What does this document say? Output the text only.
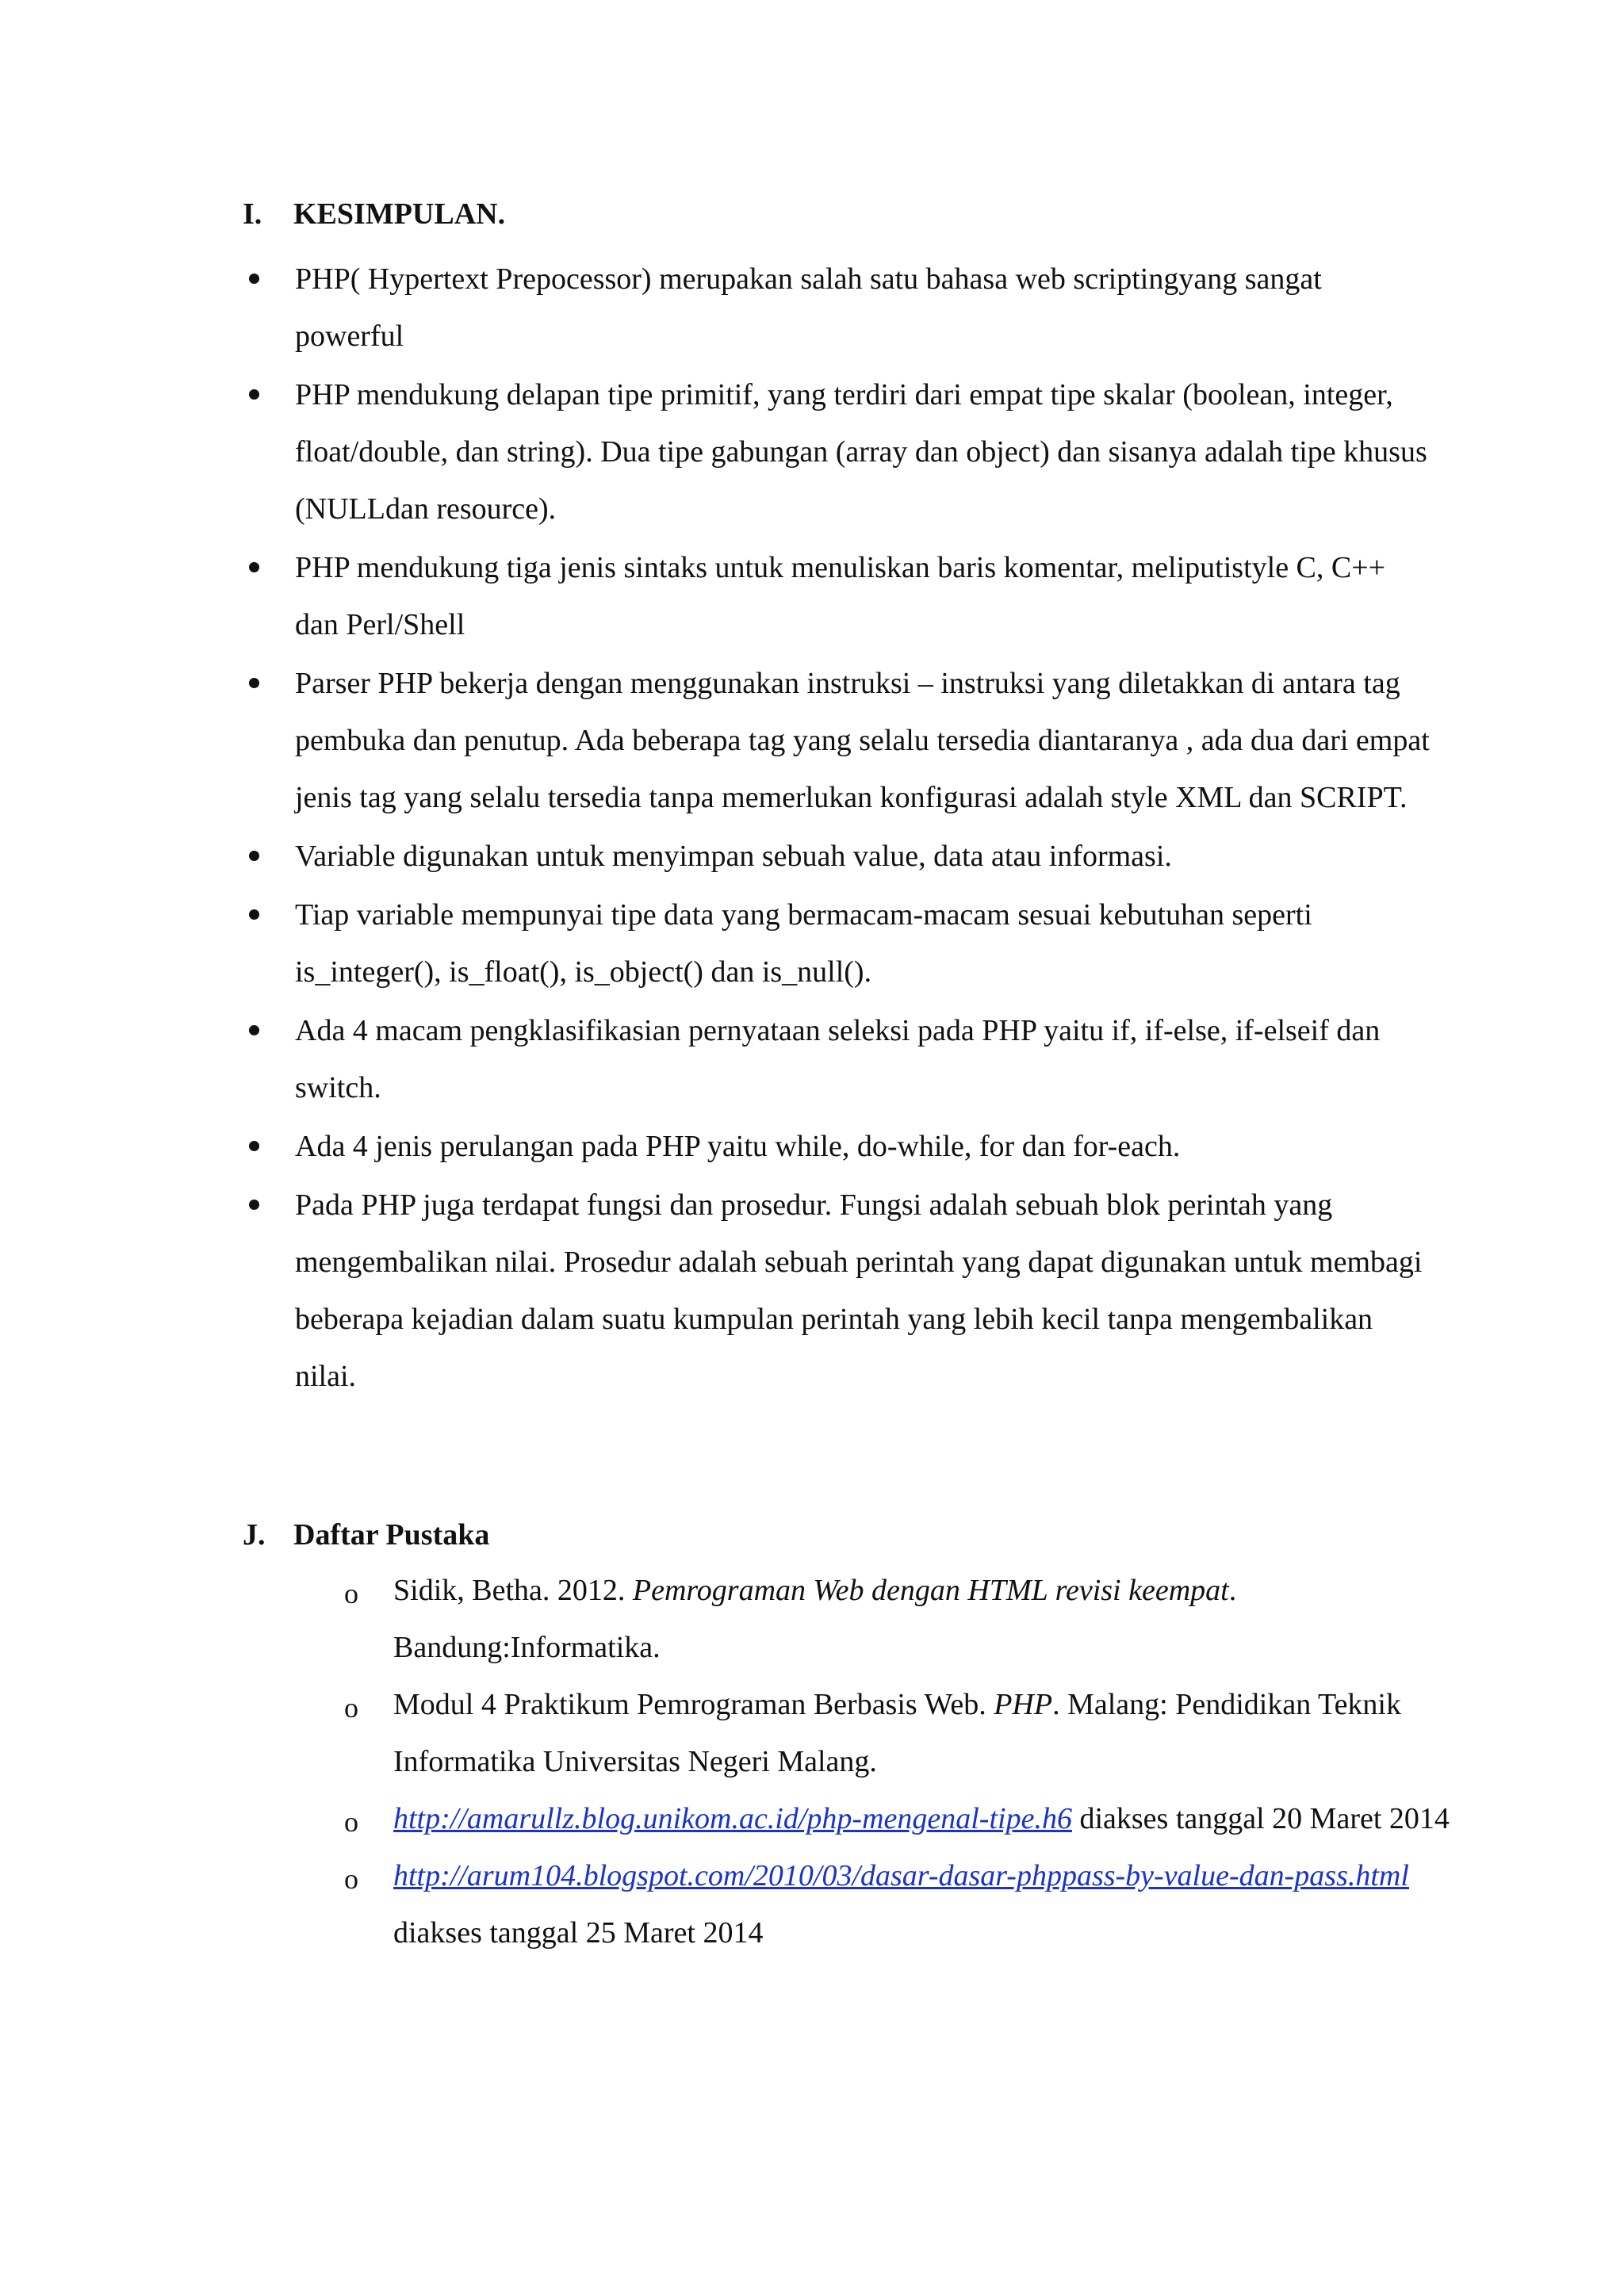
I. KESIMPULAN.
PHP( Hypertext Prepocessor) merupakan salah satu bahasa web scriptingyang sangat powerful
PHP mendukung delapan tipe primitif, yang terdiri dari empat tipe skalar (boolean, integer, float/double, dan string). Dua tipe gabungan (array dan object) dan sisanya adalah tipe khusus (NULLdan resource).
PHP mendukung tiga jenis sintaks untuk menuliskan baris komentar, meliputistyle C, C++ dan Perl/Shell
Parser PHP bekerja dengan menggunakan instruksi – instruksi yang diletakkan di antara tag pembuka dan penutup. Ada beberapa tag yang selalu tersedia diantaranya , ada dua dari empat jenis tag yang selalu tersedia tanpa memerlukan konfigurasi adalah style XML dan SCRIPT.
Variable digunakan untuk menyimpan sebuah value, data atau informasi.
Tiap variable mempunyai tipe data yang bermacam-macam sesuai kebutuhan seperti is_integer(), is_float(), is_object() dan is_null().
Ada 4 macam pengklasifikasian pernyataan seleksi pada PHP yaitu if, if-else, if-elseif dan switch.
Ada 4 jenis perulangan pada PHP yaitu while, do-while, for dan for-each.
Pada PHP juga terdapat fungsi dan prosedur. Fungsi adalah sebuah blok perintah yang mengembalikan nilai. Prosedur adalah sebuah perintah yang dapat digunakan untuk membagi beberapa kejadian dalam suatu kumpulan perintah yang lebih kecil tanpa mengembalikan nilai.
J. Daftar Pustaka
o Sidik, Betha. 2012. Pemrograman Web dengan HTML revisi keempat. Bandung:Informatika.
o Modul 4 Praktikum Pemrograman Berbasis Web. PHP. Malang: Pendidikan Teknik Informatika Universitas Negeri Malang.
o http://amarullz.blog.unikom.ac.id/php-mengenal-tipe.h6 diakses tanggal 20 Maret 2014
o http://arum104.blogspot.com/2010/03/dasar-dasar-phppass-by-value-dan-pass.html diakses tanggal 25 Maret 2014
